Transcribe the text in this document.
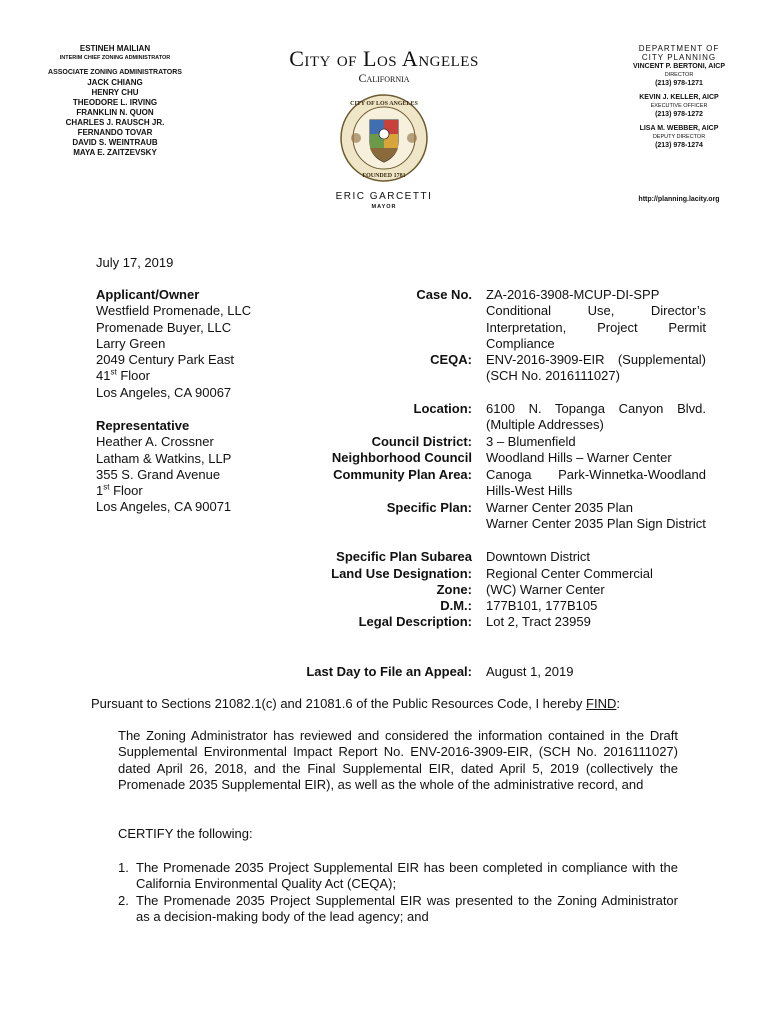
ESTINEH MAILIAN
INTERIM CHIEF ZONING ADMINISTRATOR
ASSOCIATE ZONING ADMINISTRATORS
JACK CHIANG
HENRY CHU
THEODORE L. IRVING
FRANKLIN N. QUON
CHARLES J. RAUSCH JR.
FERNANDO TOVAR
DAVID S. WEINTRAUB
MAYA E. ZAITZEVSKY
City of Los Angeles
California
CITY OF LOS ANGELES
FOUNDED 1781
ERIC GARCETTI
MAYOR
DEPARTMENT OF
CITY PLANNING
VINCENT P. BERTONI, AICP
DIRECTOR
(213) 978-1271
KEVIN J. KELLER, AICP
EXECUTIVE OFFICER
(213) 978-1272
LISA M. WEBBER, AICP
DEPUTY DIRECTOR
(213) 978-1274
http://planning.lacity.org
July 17, 2019
Applicant/Owner
Westfield Promenade, LLC
Promenade Buyer, LLC
Larry Green
2049 Century Park East
41st Floor
Los Angeles, CA 90067
Representative
Heather A. Crossner
Latham & Watkins, LLP
355 S. Grand Avenue
1st Floor
Los Angeles, CA 90071
Case No. ZA-2016-3908-MCUP-DI-SPP Conditional Use, Director’s Interpretation, Project Permit Compliance
CEQA: ENV-2016-3909-EIR (Supplemental) (SCH No. 2016111027)
Location: 6100 N. Topanga Canyon Blvd. (Multiple Addresses)
Council District: 3 – Blumenfield
Neighborhood Council Woodland Hills – Warner Center
Community Plan Area: Canoga Park-Winnetka-Woodland Hills-West Hills
Specific Plan: Warner Center 2035 Plan
Warner Center 2035 Plan Sign District
Specific Plan Subarea Downtown District
Land Use Designation: Regional Center Commercial
Zone: (WC) Warner Center
D.M.: 177B101, 177B105
Legal Description: Lot 2, Tract 23959
Last Day to File an Appeal: August 1, 2019
Pursuant to Sections 21082.1(c) and 21081.6 of the Public Resources Code, I hereby FIND:
The Zoning Administrator has reviewed and considered the information contained in the Draft Supplemental Environmental Impact Report No. ENV-2016-3909-EIR, (SCH No. 2016111027) dated April 26, 2018, and the Final Supplemental EIR, dated April 5, 2019 (collectively the Promenade 2035 Supplemental EIR), as well as the whole of the administrative record, and
CERTIFY the following:
1. The Promenade 2035 Project Supplemental EIR has been completed in compliance with the California Environmental Quality Act (CEQA);
2. The Promenade 2035 Project Supplemental EIR was presented to the Zoning Administrator as a decision-making body of the lead agency; and
